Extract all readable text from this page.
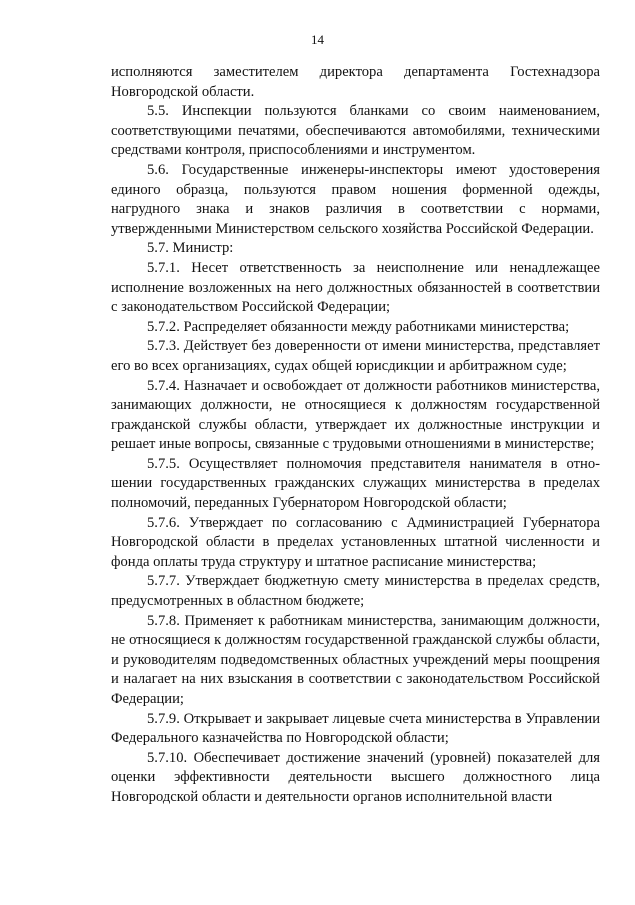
14

исполняются заместителем директора департамента Гостехнадзора Новгородской области.

5.5. Инспекции пользуются бланками со своим наименованием, соответствующими печатями, обеспечиваются автомобилями, техническими средствами контроля, приспособлениями и инструментом.

5.6. Государственные инженеры-инспекторы имеют удостоверения единого образца, пользуются правом ношения форменной одежды, нагрудного знака и знаков различия в соответствии с нормами, утвержденными Министерством сельского хозяйства Российской Федерации.

5.7. Министр:

5.7.1. Несет ответственность за неисполнение или ненадлежащее исполнение возложенных на него должностных обязанностей в соответствии с законодательством Российской Федерации;

5.7.2. Распределяет обязанности между работниками министерства;

5.7.3. Действует без доверенности от имени министерства, представляет его во всех организациях, судах общей юрисдикции и арбитражном суде;

5.7.4. Назначает и освобождает от должности работников министерства, занимающих должности, не относящиеся к должностям государственной гражданской службы области, утверждает их должностные инструкции и решает иные вопросы, связанные с трудовыми отношениями в министерстве;

5.7.5. Осуществляет полномочия представителя нанимателя в отношении государственных гражданских служащих министерства в пределах полномочий, переданных Губернатором Новгородской области;

5.7.6. Утверждает по согласованию с Администрацией Губернатора Новгородской области в пределах установленных штатной численности и фонда оплаты труда структуру и штатное расписание министерства;

5.7.7. Утверждает бюджетную смету министерства в пределах средств, предусмотренных в областном бюджете;

5.7.8. Применяет к работникам министерства, занимающим должности, не относящиеся к должностям государственной гражданской службы области, и руководителям подведомственных областных учреждений меры поощрения и налагает на них взыскания в соответствии с законодательством Российской Федерации;

5.7.9. Открывает и закрывает лицевые счета министерства в Управлении Федерального казначейства по Новгородской области;

5.7.10. Обеспечивает достижение значений (уровней) показателей для оценки эффективности деятельности высшего должностного лица Новгородской области и деятельности органов исполнительной власти
